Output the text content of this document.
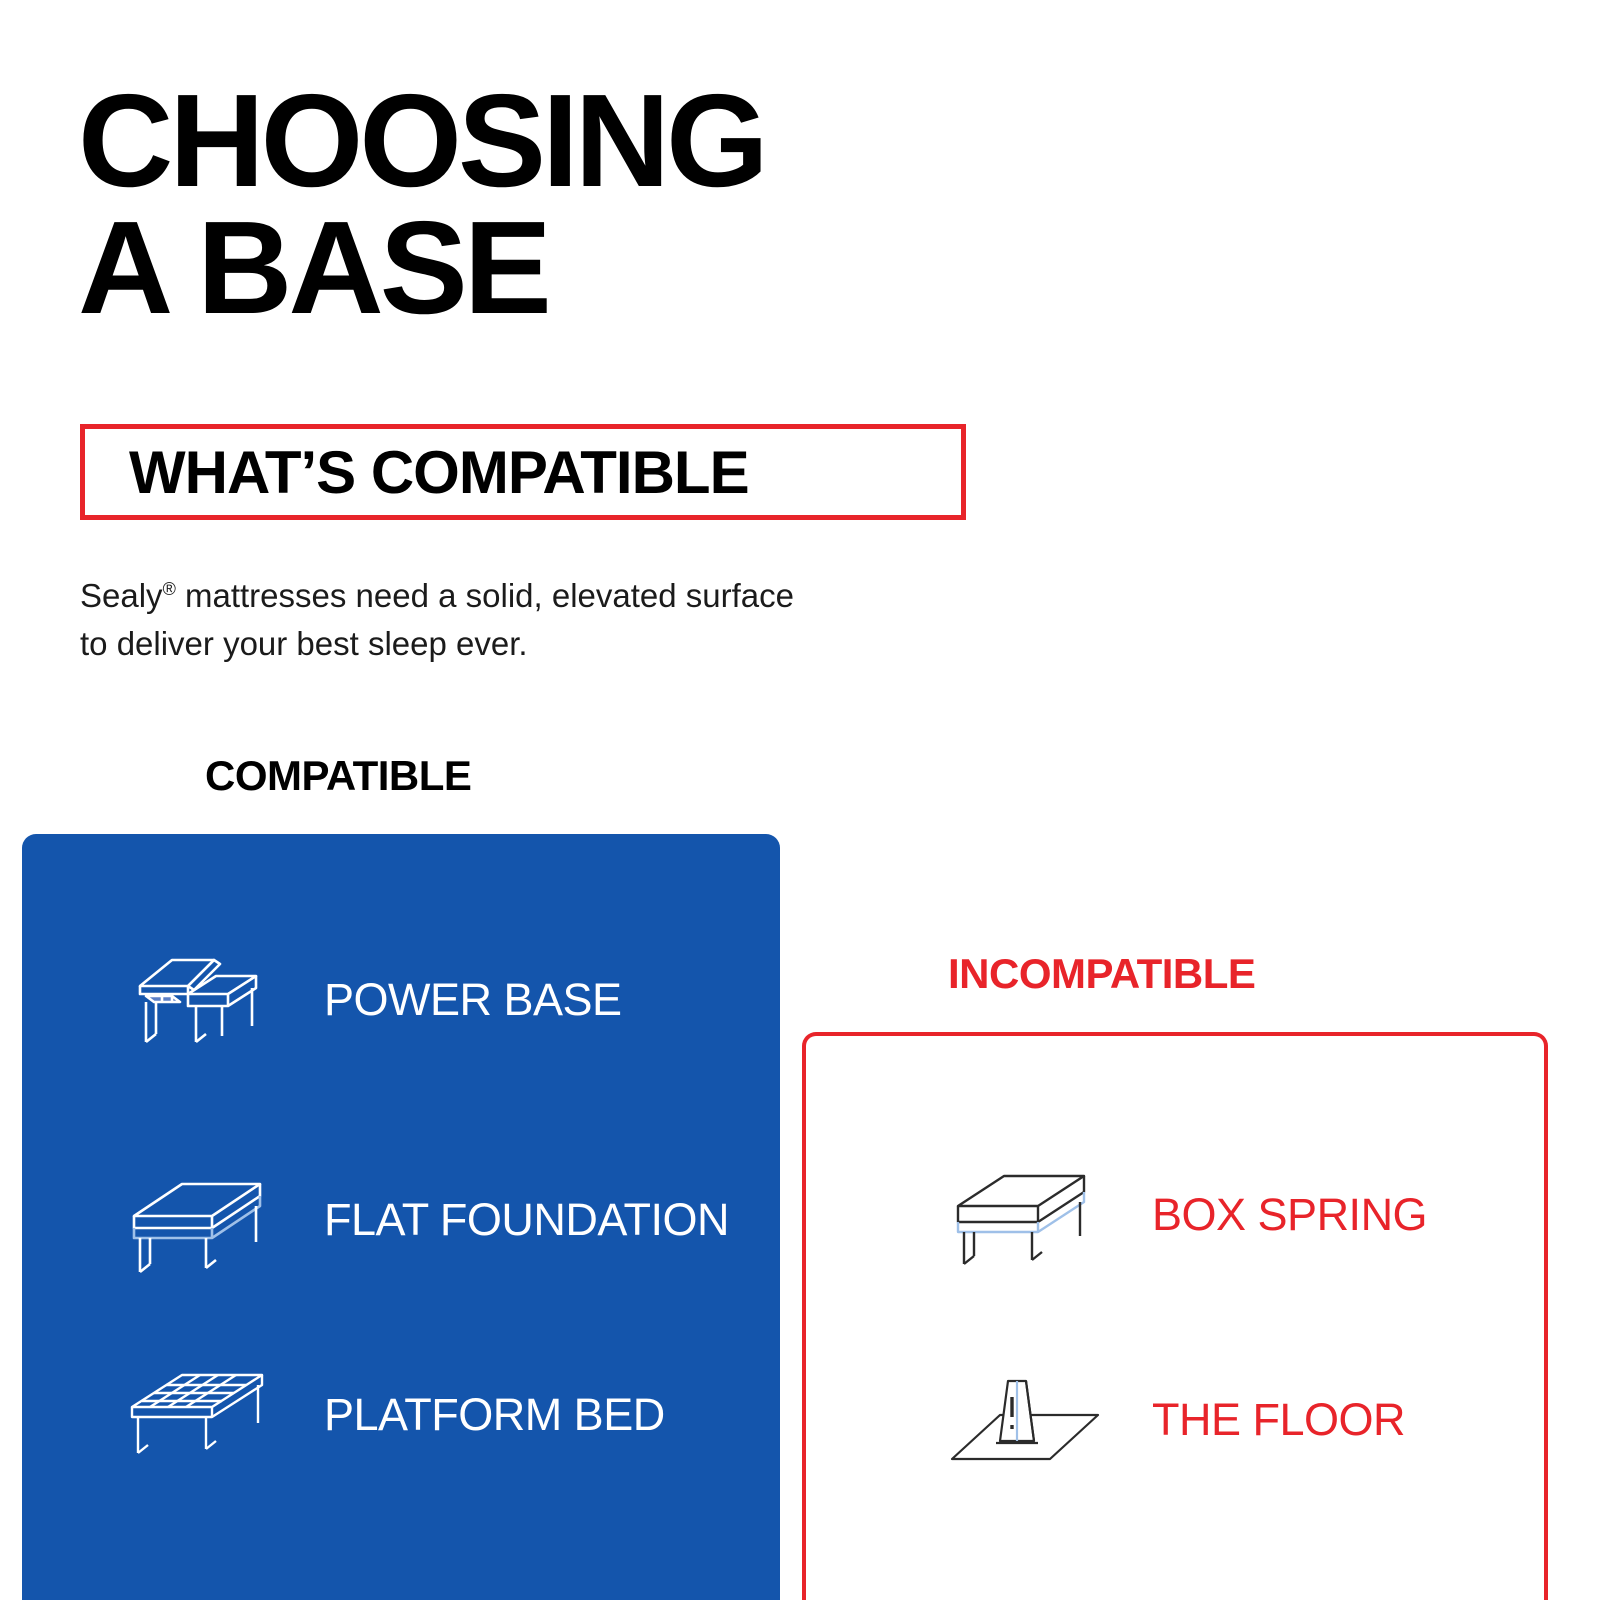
CHOOSING
A BASE
WHAT’S COMPATIBLE
Sealy® mattresses need a solid, elevated surface to deliver your best sleep ever.
COMPATIBLE
POWER BASE
FLAT FOUNDATION
PLATFORM BED
INCOMPATIBLE
BOX SPRING
THE FLOOR
